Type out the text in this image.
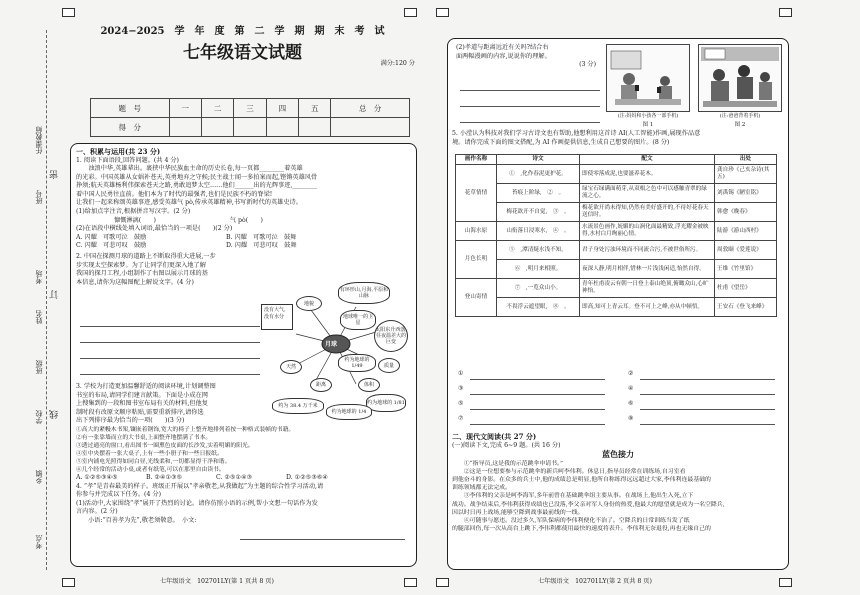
任课教师
密
班号
考场
订
姓名
班级
线
学校
乡镇
考点
2024−2025　学　年　度　第　二　学　期　期　末　考　试
七年级语文试题
满分:120 分
题　号	一	二	三	四	五	总　分
得　分						
一、积累与运用(共 23 分)
1. 阅读下面语段,回答问题。(共 4 分)
　　浊浪中华,英雄辈出。裹挟中华民族血主命的历史长卷,每一页都________着英雄
的光彩。中国英雄从女娲补苍天,英勇地弃之守候;民主战士闻一多拍案而起,铿锵英雄风骨
挣须;航天英雄杨利伟探索苍天之路,勇敢追梦太空……他们______出的光辉事迹,________
着中国人民勇往直前。他们本为了时代的最强者,也们是民族不朽的脊梁!
让我们一起来称颂英雄事迹,感受英雄气 pò,传承英雄精神,书写新时代的英雄史诗。
(1)给加点字注音,根据拼音写汉字。(2 分)
慷慨淋漓(　　)	气 pò(　　)
(2)在语段中横线处填入词语,最恰当的一项是(　　)(2 分)
A. 闪耀　可歌可泣　鼓励	B. 闪耀　可歌可泣　鼓舞
C. 闪耀　可悲可叹　鼓励	D. 闪耀　可悲可叹　鼓舞
2. 中国在探测月球的道路上不断取得重大进展,一步
步实现太空探索梦。为了让同学们更深入地了解
我国的探月工程,小组制作了右图以展示月球的基
本信息,请你为这幅图配上解说文字。(4 分)
月球
地貌
有环形山,月海,平原和山脉
地球唯一的卫星
太阳东升西落,昼夜温差大的巨变
质量
约为地球的 1/49
体积
约为地球的 1/81
约为 38.4 万千米
距离
约为地球的 1/4
没有大气,没有水分
天然
3. 学校为打造更加温馨舒适的阅读环境,计划调整图
书室的布局,请同学们建言献策。下面是小成在网
上搜集到的一段和图书室布局有关的材料,但他复
制时段有改原文顺序粘贴,需要重新排序,请你选
出下列排序最为恰当的一项(　　)(3 分)
①高大的紧幔木书架,镶嵌着钢饰,宽大的椅子上整齐地排列着按一种格式装帧的书籍。
②有一张靠墙而立的大书桌,上面整齐地摆满了书本。
③透过通亮的窗口,看出图书一圈熏色皮面的长沙发,实着明媚的阳光。
④室中央摆着一张大桌子,上有一些小册子和一些日报纸。
⑤室内铺电光照得如同白昼,光线柔和,一切都显得干净和谐。
⑥几个经常的活动小桌,或者有纸笔,可以在那里自由读书。
A. ①②⑤③④⑤	B. ②④①③⑤	C. ②⑤①④③	D. ①②⑤③⑥④
4. “孝”是青春最美的样子。班级正开展以“孝亲敬老,从我做起”为主题的综合性学习活动,请
你参与并完成以下任务。(4 分)
(1)活动中,大家围绕“孝”展开了热烈的讨论。请你仿照小语的示例,帮小文想一句话作为发
言内容。(2 分)
小语:“百善孝为先”,敬老须敬意。　小文:
七年级语文　102701LY(第 1 页共 8 页)
(2)孝道与距离远近有关吗?结合右
面两幅漫画的内容,说说你的理解。
(3 分)
(注:妈妈和小孩各一部手机)
图 1
(注:爸爸背着手机)
图 2
5. 小滢认为科技对我们学习古诗文也有帮助,他想利用这首诗 AI(人工智能)作画,展现作品意
境。请你完成下面的图文搭配,为 AI 作画提供信息,生成自己想要的图片。(8 分)
画作名称	诗文	配文	出处
花草情情	①　,化作春泥更护花。	即使零落成泥,也要滋养花木。	龚自珍《己亥杂诗(其五)
	苔痕上阶绿,　②　。	绿宝石绿满面萌芽,从双根之色中可以感触青翠的绿流之心。	刘禹锡《陋室铭》
	梅花欲开不自觉,　③　。	梅花欲开尚未得知,仍然有美好盛开的,不待好花春天送信时。	韩愈《晚春》
山海水原	山衔落日浸寒水,　④　。	水流景色画作,妩媚的山涧化面最精致,浮光耀金被映得,水衬白月绚丽心情。	陆游《游山西村》
月色长明	⑤　,潭清疑水浅不知。	君子身处污浊环境而不同流合污,不被世俗所污。	周敦颐《爱莲说》
	⑥　,明月来相照。	夜深人静,明月相伴,惜林一片浅浅闲适,怡然自得。	王维《竹里馆》
登山寄情	⑦　,一览众山小。	青年杜甫凌云有朝一日登上泰山绝顶,俯瞰众山,心旷神怡。	杜甫《望岳》
	不畏浮云遮望眼,　⑧　。	即高,知可上青云耳。登不可上之峰,亦从中顿悟。	王安石《登飞来峰》
①	②
③	④
⑤	⑥
⑦	⑧
二、现代文阅读(共 27 分)
(一)阅读下文,完成 6~9 题。(共 16 分)
蓝色接力
　　①“指导员,这是我的示范跳伞申请书。”
　　②这是一位想要参与示范跳伞的新兵呵李伟利。休息日,指导员经常在训练场,自习室看
到他奋斗的身影。在众多的兵士中,他的成绩总是明显,他所自称练得远远超过大家,李伟利连最基础的
训练领域都无法完成。
　　③李伟利的父亲是呵李海军,多年前曾在基础跳伞组主要从事。在战场上,他出生入死,立下
战功。战争结束后,李伟利获得成绩也已没落,李父亲对军人身份的热爱,他最大的愿望就是成为一名空降兵,
因以时日再上战场,能够空降到战事最前线的一线。
　　④可随事与愿违。没过多久,军队保病的李伟利便化不治了。空降兵的日常训练当发了纸
的腿部回伤,每一次从高台上跳下,李伟利都使用最快的速度将表升。李伟利无奈退役,再也无缘自己的
七年级语文　102701LY(第 2 页共 8 页)
